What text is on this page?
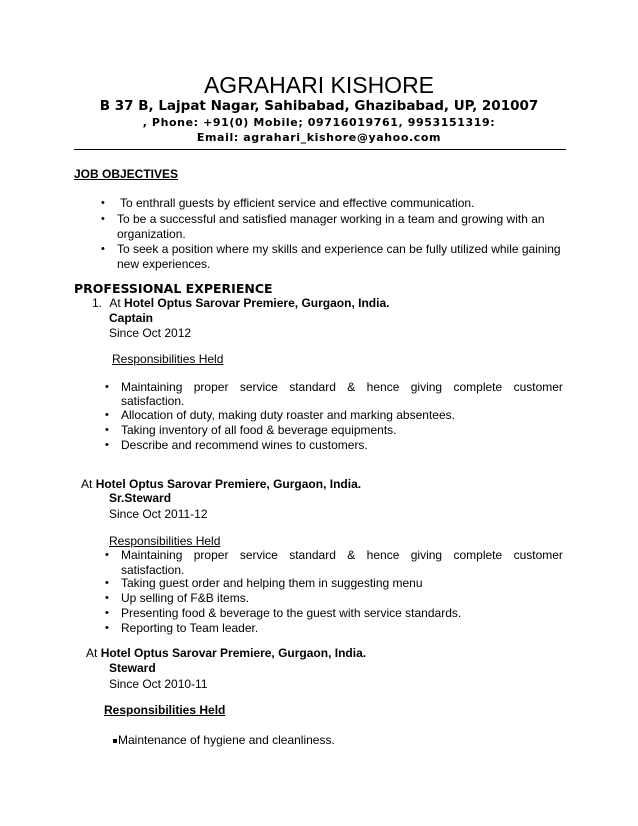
AGRAHARI KISHORE
B 37 B, Lajpat Nagar, Sahibabad, Ghazibabad, UP, 201007
, Phone: +91(0) Mobile; 09716019761, 9953151319:
Email: agrahari_kishore@yahoo.com
JOB OBJECTIVES
• To enthrall guests by efficient service and effective communication.
• To be a successful and satisfied manager working in a team and growing with an
organization.
• To seek a position where my skills and experience can be fully utilized while gaining
new experiences.
PROFESSIONAL EXPERIENCE
1. At Hotel Optus Sarovar Premiere, Gurgaon, India.
Captain
Since Oct 2012
Responsibilities Held
• Maintaining proper service standard & hence giving complete customer
satisfaction.
• Allocation of duty, making duty roaster and marking absentees.
• Taking inventory of all food & beverage equipments.
• Describe and recommend wines to customers.
At Hotel Optus Sarovar Premiere, Gurgaon, India.
Sr.Steward
Since Oct 2011-12
Responsibilities Held
• Maintaining proper service standard & hence giving complete customer
satisfaction.
• Taking guest order and helping them in suggesting menu
• Up selling of F&B items.
• Presenting food & beverage to the guest with service standards.
• Reporting to Team leader.
At Hotel Optus Sarovar Premiere, Gurgaon, India.
Steward
Since Oct 2010-11
Responsibilities Held
Maintenance of hygiene and cleanliness.
